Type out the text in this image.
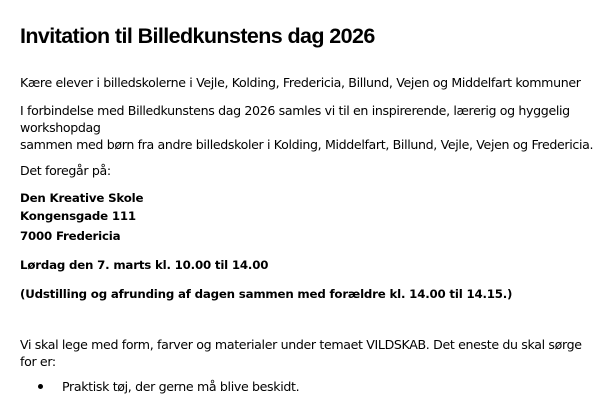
Invitation til Billedkunstens dag 2026
Kære elever i billedskolerne i Vejle, Kolding, Fredericia, Billund, Vejen og Middelfart kommuner
I forbindelse med Billedkunstens dag 2026 samles vi til en inspirerende, lærerig og hyggelig
workshopdag
sammen med børn fra andre billedskoler i Kolding, Middelfart, Billund, Vejle, Vejen og Fredericia.
Det foregår på:
Den Kreative Skole
Kongensgade 111
7000 Fredericia
Lørdag den 7. marts kl. 10.00 til 14.00
(Udstilling og afrunding af dagen sammen med forældre kl. 14.00 til 14.15.)
Vi skal lege med form, farver og materialer under temaet VILDSKAB. Det eneste du skal sørge
for er:
Praktisk tøj, der gerne må blive beskidt.
